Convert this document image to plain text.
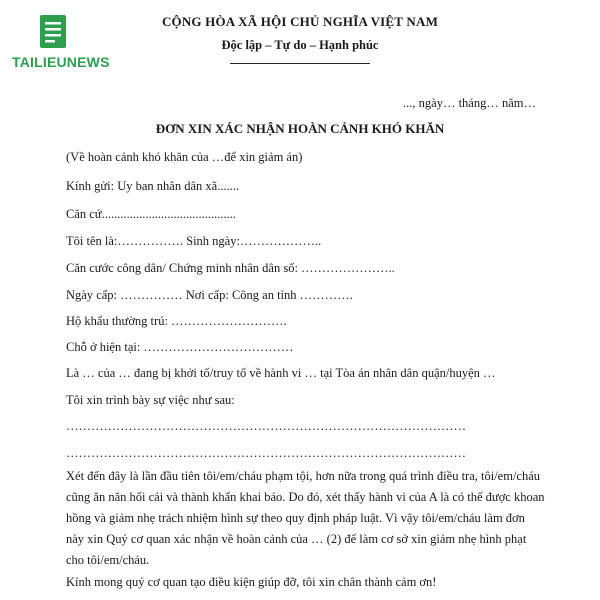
TAILIEUNEWS
CỘNG HÒA XÃ HỘI CHỦ NGHĨA VIỆT NAM
Độc lập – Tự do – Hạnh phúc
..., ngày… tháng… năm…
ĐƠN XIN XÁC NHẬN HOÀN CẢNH KHÓ KHĂN
(Về hoàn cảnh khó khăn của …để xin giảm án)
Kính gửi: Uy ban nhân dân xã.......
Căn cứ...........................................
Tôi tên là:……………. Sinh ngày:………………..
Căn cước công dân/ Chứng minh nhân dân số: …………………..
Ngày cấp: …………… Nơi cấp: Công an tỉnh ………….
Hộ khẩu thường trú: ……………………….
Chỗ ở hiện tại: ………………………………
Là … của … đang bị khởi tố/truy tố về hành vi … tại Tòa án nhân dân quận/huyện …
Tôi xin trình bày sự việc như sau:
……………………………………………………………………………………
……………………………………………………………………………………
Xét đến đây là lần đầu tiên tôi/em/cháu phạm tội, hơn nữa trong quá trình điều tra, tôi/em/cháu cũng ăn năn hối cải và thành khẩn khai báo. Do đó, xét thấy hành vi của A là có thể được khoan hồng và giảm nhẹ trách nhiệm hình sự theo quy định pháp luật. Vì vậy tôi/em/cháu làm đơn này xin Quý cơ quan xác nhận về hoàn cảnh của … (2) để làm cơ sở xin giảm nhẹ hình phạt cho tôi/em/cháu.
Kính mong quý cơ quan tạo điều kiện giúp đỡ, tôi xin chân thành cảm ơn!
